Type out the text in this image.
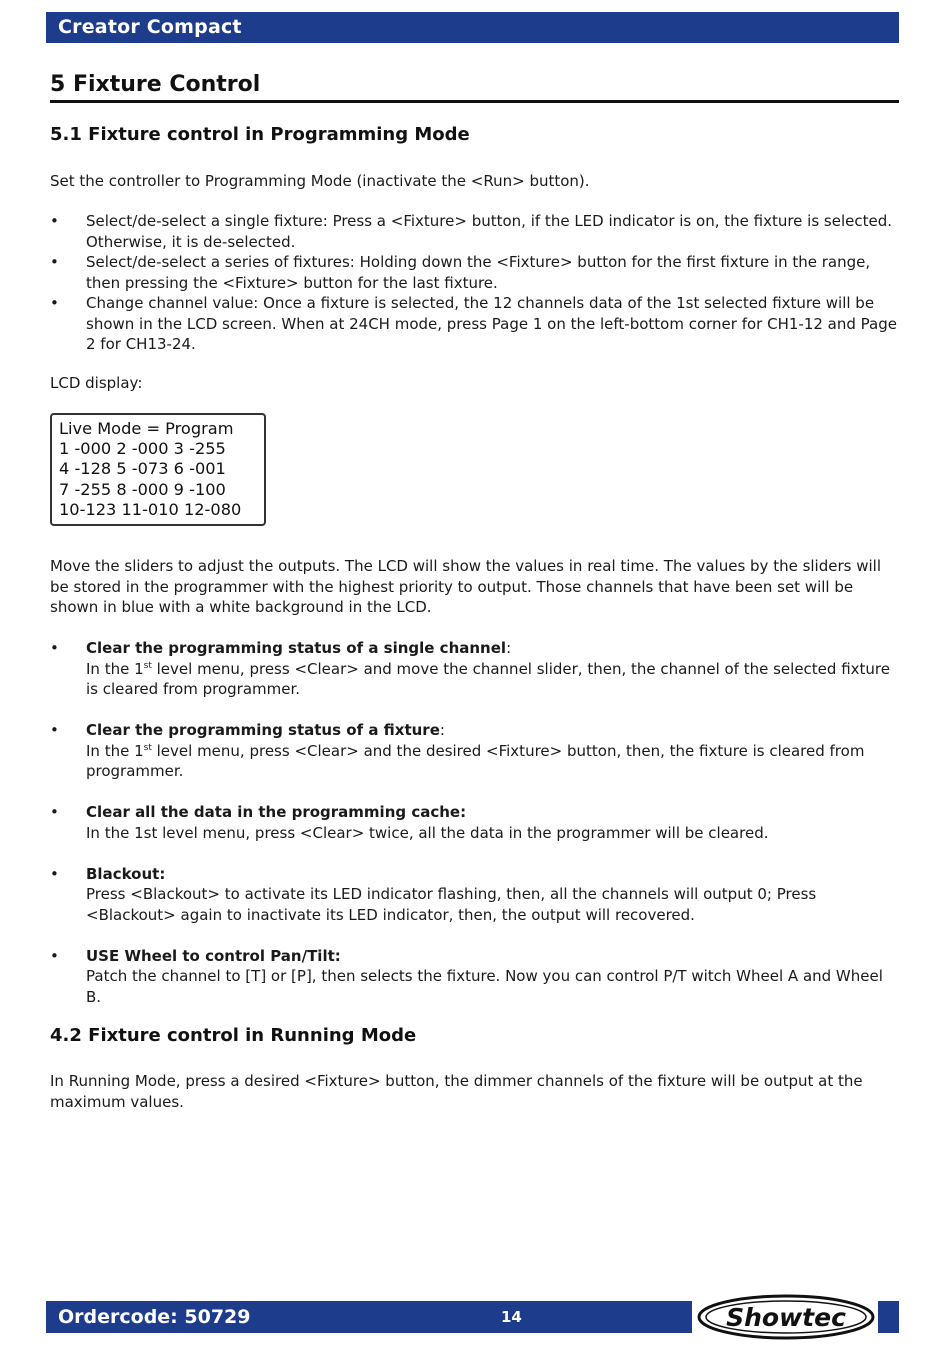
Creator Compact
5 Fixture Control
5.1 Fixture control in Programming Mode

Set the controller to Programming Mode (inactivate the <Run> button).

• Select/de-select a single fixture: Press a <Fixture> button, if the LED indicator is on, the fixture is selected. Otherwise, it is de-selected.
• Select/de-select a series of fixtures: Holding down the <Fixture> button for the first fixture in the range, then pressing the <Fixture> button for the last fixture.
• Change channel value: Once a fixture is selected, the 12 channels data of the 1st selected fixture will be shown in the LCD screen. When at 24CH mode, press Page 1 on the left-bottom corner for CH1-12 and Page 2 for CH13-24.

LCD display:

Live Mode = Program
1 -000 2 -000 3 -255
4 -128 5 -073 6 -001
7 -255 8 -000 9 -100
10-123 11-010 12-080

Move the sliders to adjust the outputs. The LCD will show the values in real time. The values by the sliders will be stored in the programmer with the highest priority to output. Those channels that have been set will be shown in blue with a white background in the LCD.

• Clear the programming status of a single channel:
In the 1st level menu, press <Clear> and move the channel slider, then, the channel of the selected fixture is cleared from programmer.
• Clear the programming status of a fixture:
In the 1st level menu, press <Clear> and the desired <Fixture> button, then, the fixture is cleared from programmer.
• Clear all the data in the programming cache:
In the 1st level menu, press <Clear> twice, all the data in the programmer will be cleared.
• Blackout:
Press <Blackout> to activate its LED indicator flashing, then, all the channels will output 0; Press <Blackout> again to inactivate its LED indicator, then, the output will recovered.
• USE Wheel to control Pan/Tilt:
Patch the channel to [T] or [P], then selects the fixture. Now you can control P/T witch Wheel A and Wheel B.
4.2 Fixture control in Running Mode

In Running Mode, press a desired <Fixture> button, the dimmer channels of the fixture will be output at the maximum values.

Ordercode: 50729	14	Showtec
